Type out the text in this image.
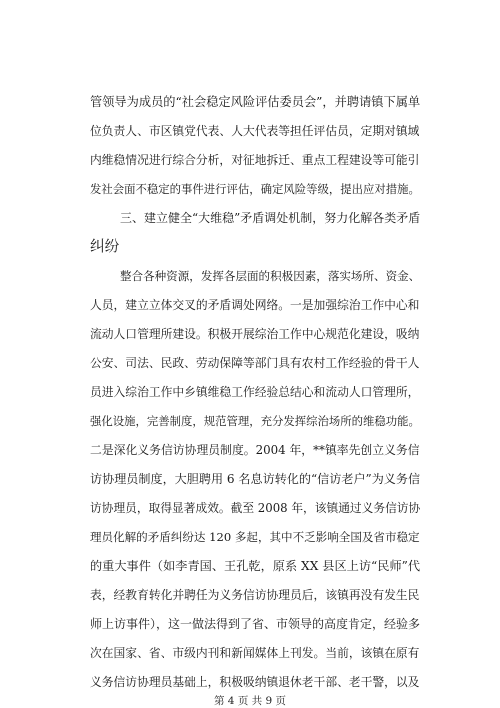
管领导为成员的“社会稳定风险评估委员会”，并聘请镇下属单
位负责人、市区镇党代表、人大代表等担任评估员，定期对镇域
内维稳情况进行综合分析，对征地拆迁、重点工程建设等可能引
发社会面不稳定的事件进行评估，确定风险等级，提出应对措施。
三、建立健全“大维稳”矛盾调处机制，努力化解各类矛盾
纠纷
整合各种资源，发挥各层面的积极因素，落实场所、资金、
人员，建立立体交叉的矛盾调处网络。一是加强综治工作中心和
流动人口管理所建设。积极开展综治工作中心规范化建设，吸纳
公安、司法、民政、劳动保障等部门具有农村工作经验的骨干人
员进入综治工作中乡镇维稳工作经验总结心和流动人口管理所，
强化设施，完善制度，规范管理，充分发挥综治场所的维稳功能。
二是深化义务信访协理员制度。2004 年，**镇率先创立义务信
访协理员制度，大胆聘用 6 名息访转化的“信访老户”为义务信
访协理员，取得显著成效。截至 2008 年，该镇通过义务信访协
理员化解的矛盾纠纷达 120 多起，其中不乏影响全国及省市稳定
的重大事件（如李青国、王孔乾，原系 XX 县区上访“民师”代
表，经教育转化并聘任为义务信访协理员后，该镇再没有发生民
师上访事件），这一做法得到了省、市领导的高度肯定，经验多
次在国家、省、市级内刊和新闻媒体上刊发。当前，该镇在原有
义务信访协理员基础上，积极吸纳镇退休老干部、老干警，以及
第 4 页 共 9 页
